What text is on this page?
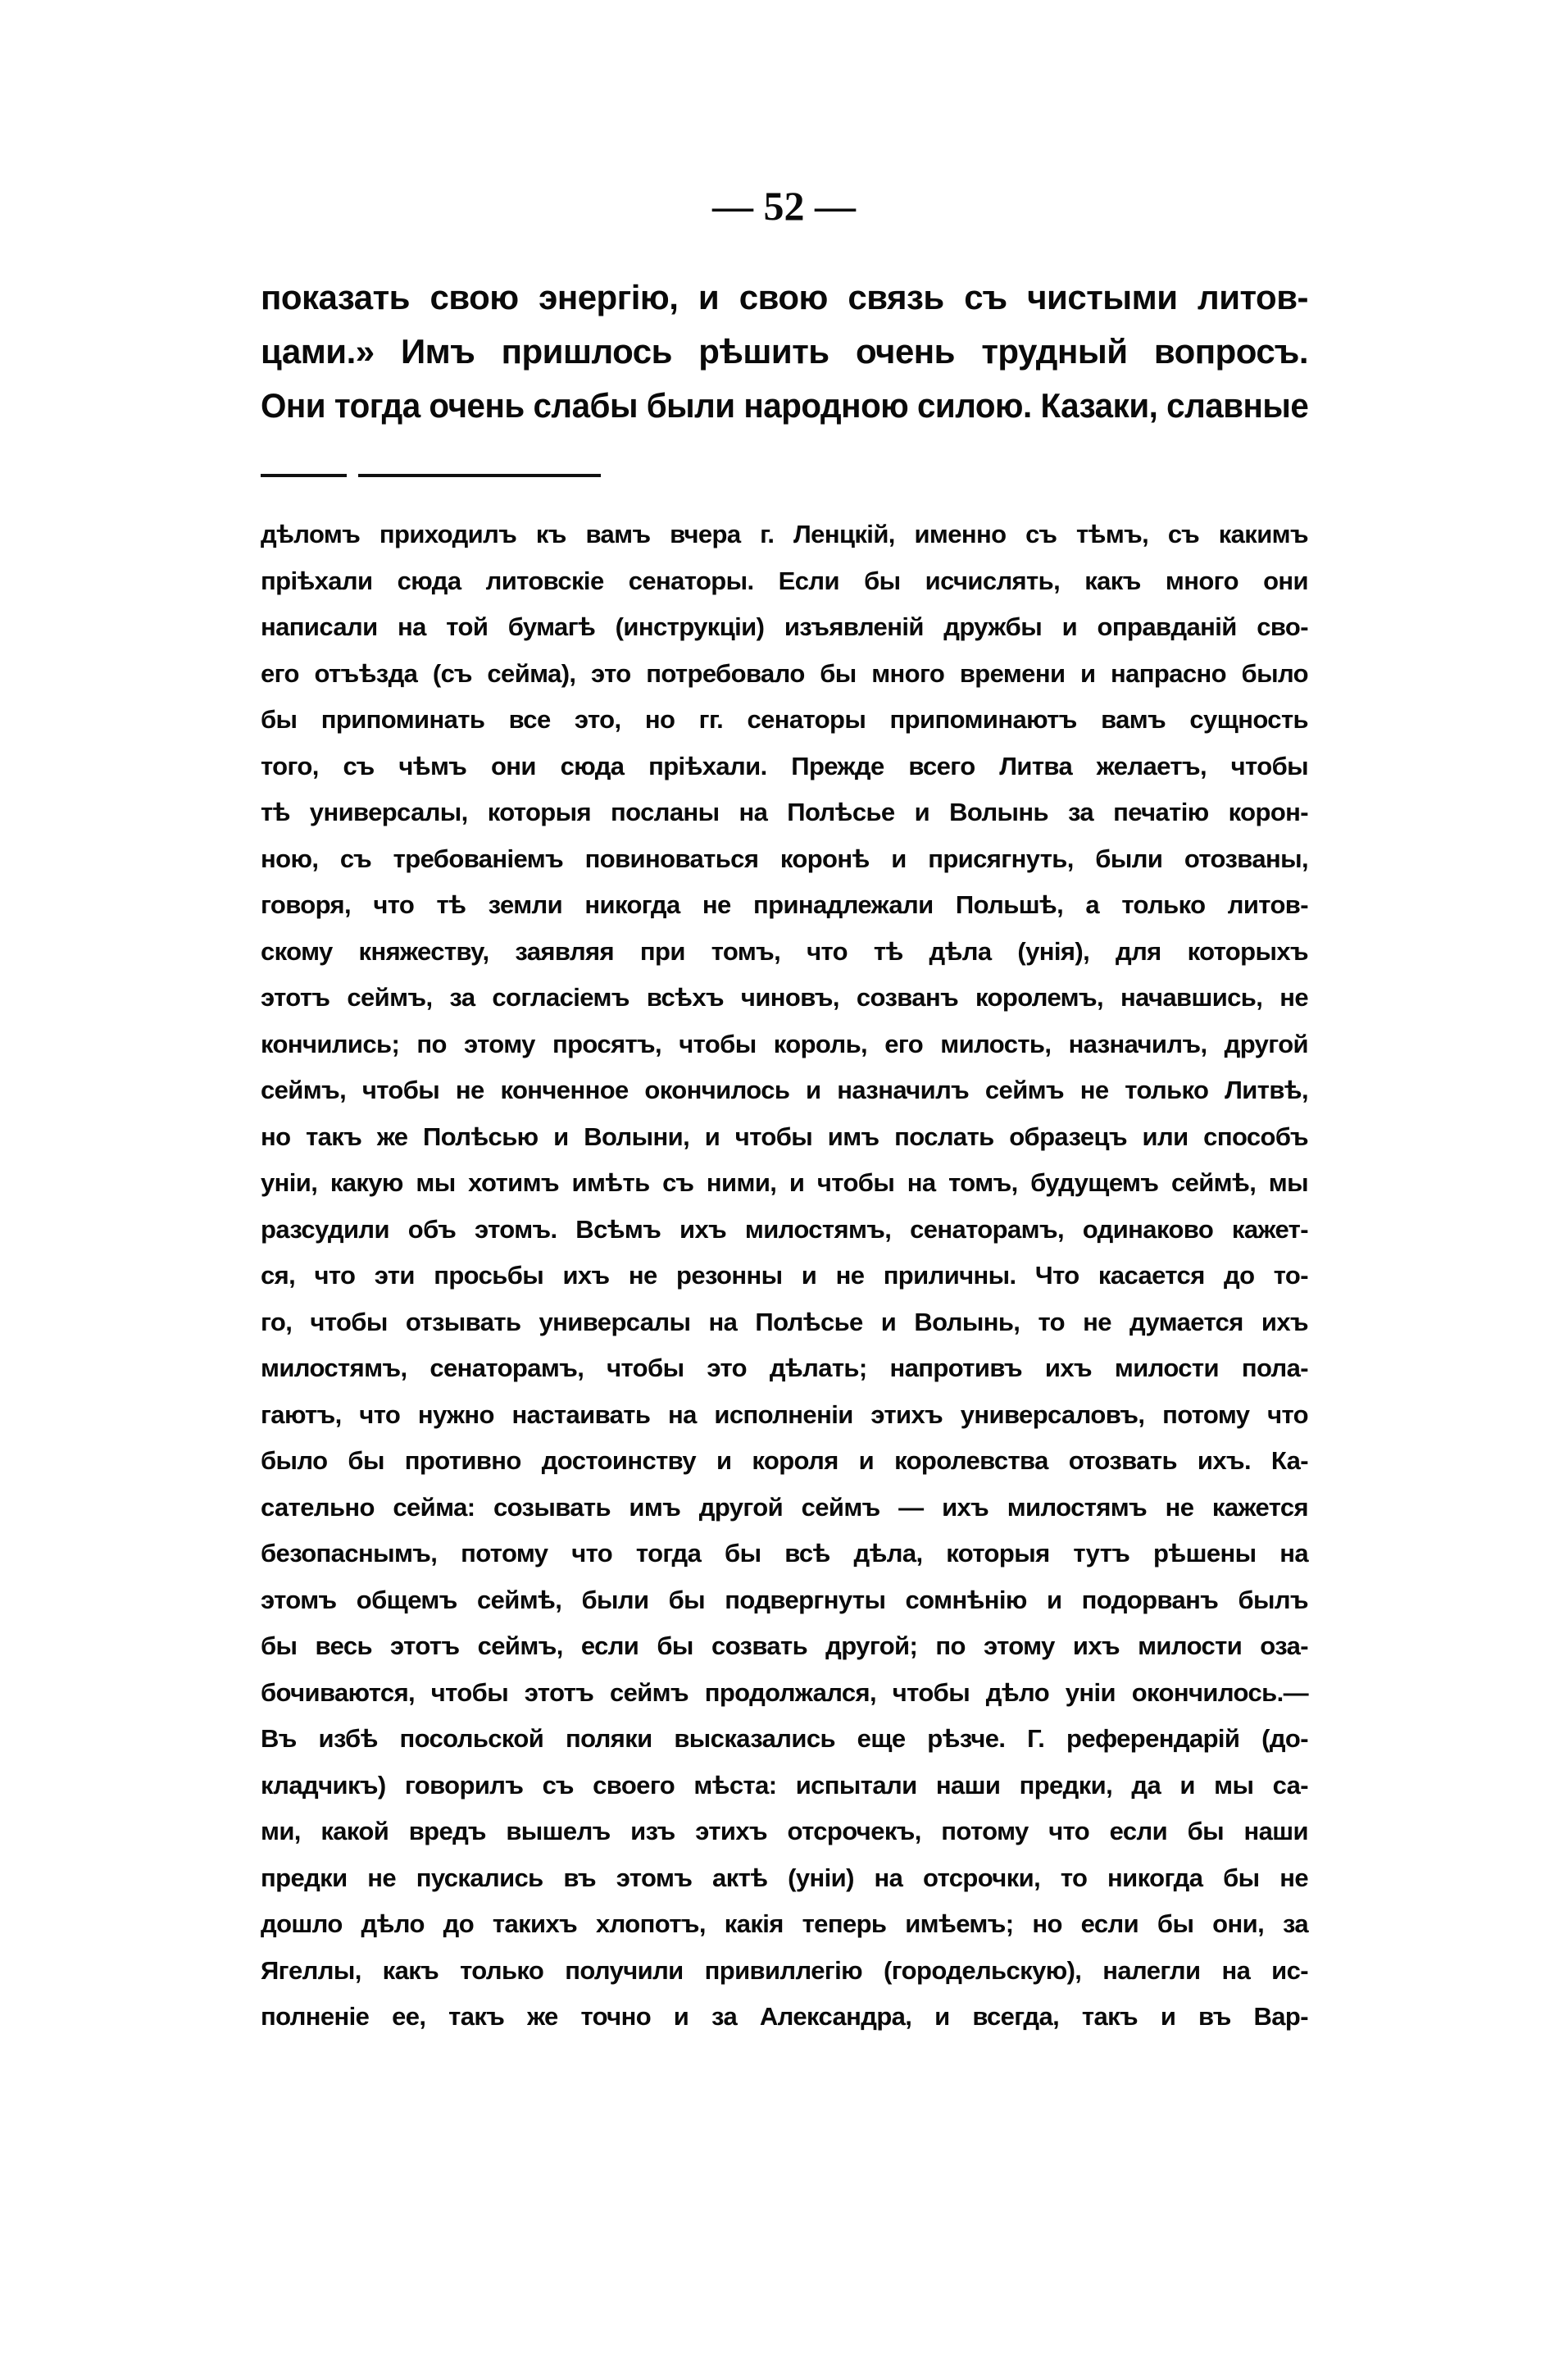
— 52 —
показать свою энергію, и свою связь съ чистыми литов-
цами.» Имъ пришлось рѣшить очень трудный вопросъ.
Они тогда очень слабы были народною силою. Казаки, славные
дѣломъ приходилъ къ вамъ вчера г. Ленцкій, именно съ тѣмъ, съ какимъ
пріѣхали сюда литовскіе сенаторы. Если бы исчислять, какъ много они
написали на той бумагѣ (инструкціи) изъявленій дружбы и оправданій сво-
его отъѣзда (съ сейма), это потребовало бы много времени и напрасно было
бы припоминать все это, но гг. сенаторы припоминаютъ вамъ сущность
того, съ чѣмъ они сюда пріѣхали. Прежде всего Литва желаетъ, чтобы
тѣ универсалы, которыя посланы на Полѣсье и Волынь за печатію корон-
ною, съ требованіемъ повиноваться коронѣ и присягнуть, были отозваны,
говоря, что тѣ земли никогда не принадлежали Польшѣ, а только литов-
скому княжеству, заявляя при томъ, что тѣ дѣла (унія), для которыхъ
этотъ сеймъ, за согласіемъ всѣхъ чиновъ, созванъ королемъ, начавшись, не
кончились; по этому просятъ, чтобы король, его милость, назначилъ, другой
сеймъ, чтобы не конченное окончилось и назначилъ сеймъ не только Литвѣ,
но такъ же Полѣсью и Волыни, и чтобы имъ послать образецъ или способъ
уніи, какую мы хотимъ имѣть съ ними, и чтобы на томъ, будущемъ сеймѣ, мы
разсудили объ этомъ. Всѣмъ ихъ милостямъ, сенаторамъ, одинаково кажет-
ся, что эти просьбы ихъ не резонны и не приличны. Что касается до то-
го, чтобы отзывать универсалы на Полѣсье и Волынь, то не думается ихъ
милостямъ, сенаторамъ, чтобы это дѣлать; напротивъ ихъ милости пола-
гаютъ, что нужно настаивать на исполненіи этихъ универсаловъ, потому что
было бы противно достоинству и короля и королевства отозвать ихъ. Ка-
сательно сейма: созывать имъ другой сеймъ — ихъ милостямъ не кажется
безопаснымъ, потому что тогда бы всѣ дѣла, которыя тутъ рѣшены на
этомъ общемъ сеймѣ, были бы подвергнуты сомнѣнію и подорванъ былъ
бы весь этотъ сеймъ, если бы созвать другой; по этому ихъ милости оза-
бочиваются, чтобы этотъ сеймъ продолжался, чтобы дѣло уніи окончилось.—
Въ избѣ посольской поляки высказались еще рѣзче. Г. референдарій (до-
кладчикъ) говорилъ съ своего мѣста: испытали наши предки, да и мы са-
ми, какой вредъ вышелъ изъ этихъ отсрочекъ, потому что если бы наши
предки не пускались въ этомъ актѣ (уніи) на отсрочки, то никогда бы не
дошло дѣло до такихъ хлопотъ, какія теперь имѣемъ; но если бы они, за
Ягеллы, какъ только получили привиллегію (городельскую), налегли на ис-
полненіе ее, такъ же точно и за Александра, и всегда, такъ и въ Вар-
